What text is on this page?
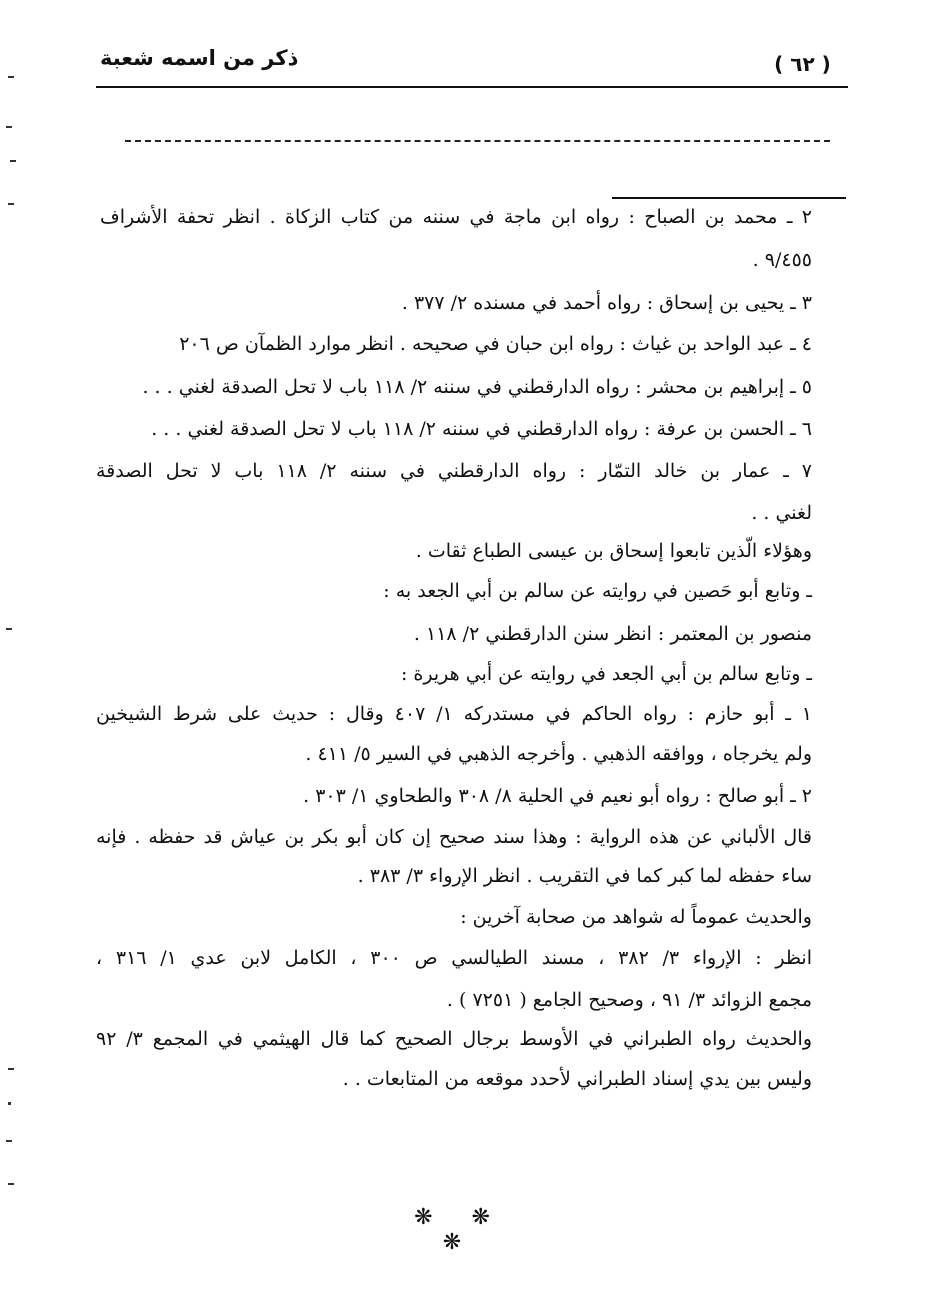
( ٦٢ )
ذكر من اسمه شعبة
٢ ـ محمد بن الصباح : رواه ابن ماجة في سننه من كتاب الزكاة . انظر تحفة الأشراف
٩/٤٥٥ .
٣ ـ يحيى بن إسحاق : رواه أحمد في مسنده ٢/ ٣٧٧ .
٤ ـ عبد الواحد بن غياث : رواه ابن حبان في صحيحه . انظر موارد الظمآن ص ٢٠٦
٥ ـ إبراهيم بن محشر : رواه الدارقطني في سننه ٢/ ١١٨ باب لا تحل الصدقة لغني . . .
٦ ـ الحسن بن عرفة : رواه الدارقطني في سننه ٢/ ١١٨ باب لا تحل الصدقة لغني . . .
٧ ـ عمار بن خالد التمّار : رواه الدارقطني في سننه ٢/ ١١٨ باب لا تحل الصدقة
لغني . .
وهؤلاء الّذين تابعوا إسحاق بن عيسى الطباع ثقات .
ـ وتابع أبو حَصين في روايته عن سالم بن أبي الجعد به :
منصور بن المعتمر : انظر سنن الدارقطني ٢/ ١١٨ .
ـ وتابع سالم بن أبي الجعد في روايته عن أبي هريرة :
١ ـ أبو حازم : رواه الحاكم في مستدركه ١/ ٤٠٧ وقال : حديث على شرط الشيخين
ولم يخرجاه ، ووافقه الذهبي . وأخرجه الذهبي في السير ٥/ ٤١١ .
٢ ـ أبو صالح : رواه أبو نعيم في الحلية ٨/ ٣٠٨ والطحاوي ١/ ٣٠٣ .
قال الألباني عن هذه الرواية : وهذا سند صحيح إن كان أبو بكر بن عياش قد حفظه . فإنه
ساء حفظه لما كبر كما في التقريب . انظر الإرواء ٣/ ٣٨٣ .
والحديث عموماً له شواهد من صحابة آخرين :
انظر : الإرواء ٣/ ٣٨٢ ، مسند الطيالسي ص ٣٠٠ ، الكامل لابن عدي ١/ ٣١٦ ،
مجمع الزوائد ٣/ ٩١ ، وصحيح الجامع ( ٧٢٥١ ) .
والحديث رواه الطبراني في الأوسط برجال الصحيح كما قال الهيثمي في المجمع ٣/ ٩٢
وليس بين يدي إسناد الطبراني لأحدد موقعه من المتابعات . .
❋ ❋ ❋
